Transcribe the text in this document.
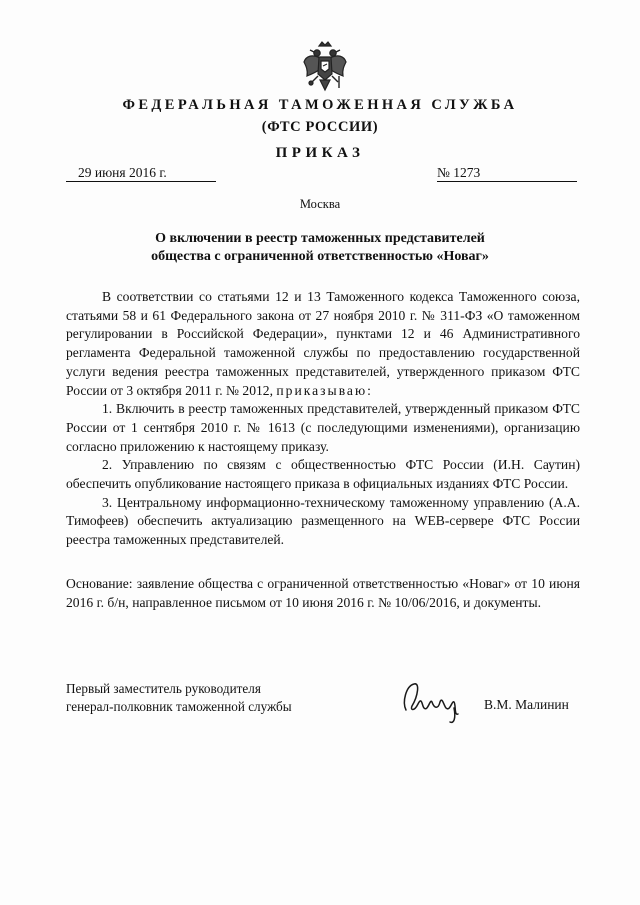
ФЕДЕРАЛЬНАЯ ТАМОЖЕННАЯ СЛУЖБА
(ФТС РОССИИ)
ПРИКАЗ
29 июня 2016 г.	№ 1273
Москва
О включении в реестр таможенных представителей
общества с ограниченной ответственностью «Новаг»

В соответствии со статьями 12 и 13 Таможенного кодекса Таможенного союза, статьями 58 и 61 Федерального закона от 27 ноября 2010 г. № 311-ФЗ «О таможенном регулировании в Российской Федерации», пунктами 12 и 46 Административного регламента Федеральной таможенной службы по предоставлению государственной услуги ведения реестра таможенных представителей, утвержденного приказом ФТС России от 3 октября 2011 г. № 2012, приказываю:

1. Включить в реестр таможенных представителей, утвержденный приказом ФТС России от 1 сентября 2010 г. № 1613 (с последующими изменениями), организацию согласно приложению к настоящему приказу.

2. Управлению по связям с общественностью ФТС России (И.Н. Саутин) обеспечить опубликование настоящего приказа в официальных изданиях ФТС России.

3. Центральному информационно-техническому таможенному управлению (А.А. Тимофеев) обеспечить актуализацию размещенного на WEB-сервере ФТС России реестра таможенных представителей.

Основание: заявление общества с ограниченной ответственностью «Новаг» от 10 июня 2016 г. б/н, направленное письмом от 10 июня 2016 г. № 10/06/2016, и документы.

Первый заместитель руководителя
генерал-полковник таможенной службы	В.М. Малинин
